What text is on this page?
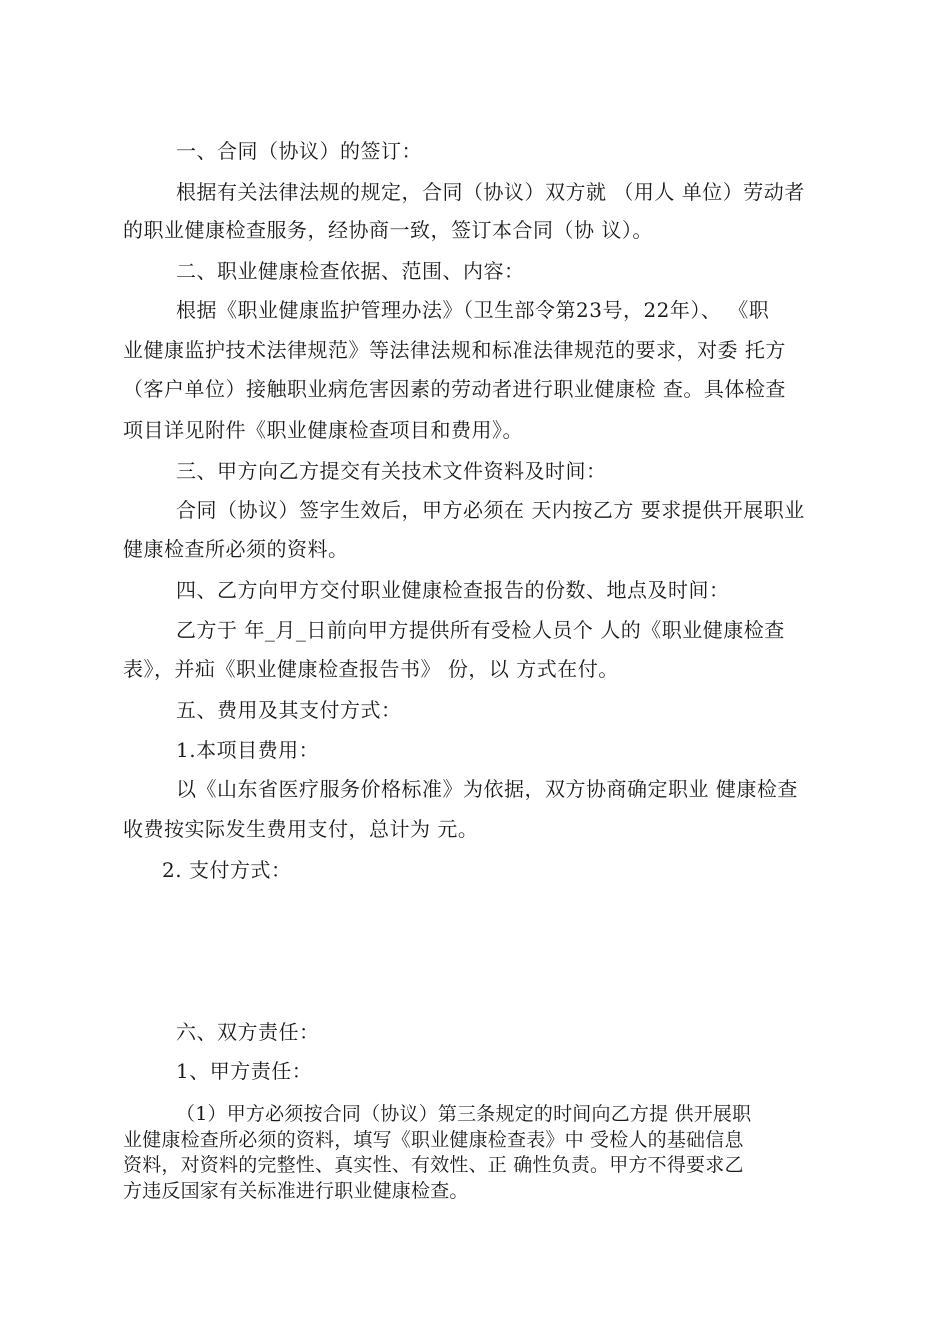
一、合同（协议）的签订：
根据有关法律法规的规定，合同（协议）双方就 （用人 单位）劳动者
的职业健康检查服务，经协商一致，签订本合同（协 议）。
二、职业健康检查依据、范围、内容：
根据《职业健康监护管理办法》（卫生部令第23号，22年）、 《职
业健康监护技术法律规范》等法律法规和标准法律规范的要求，对委 托方
（客户单位）接触职业病危害因素的劳动者进行职业健康检 查。具体检查
项目详见附件《职业健康检查项目和费用》。
三、甲方向乙方提交有关技术文件资料及时间：
合同（协议）签字生效后，甲方必须在 天内按乙方 要求提供开展职业
健康检查所必须的资料。
四、乙方向甲方交付职业健康检查报告的份数、地点及时间：
乙方于 年_月_日前向甲方提供所有受检人员个 人的《职业健康检查
表》，并疝《职业健康检查报告书》 份，以 方式在付。
五、费用及其支付方式：
1.本项目费用：
以《山东省医疗服务价格标准》为依据，双方协商确定职业 健康检查
收费按实际发生费用支付，总计为 元。
2. 支付方式：
六、双方责任：
1、甲方责任：
（1）甲方必须按合同（协议）第三条规定的时间向乙方提 供开展职
业健康检查所必须的资料，填写《职业健康检查表》中 受检人的基础信息
资料，对资料的完整性、真实性、有效性、正 确性负责。甲方不得要求乙
方违反国家有关标准进行职业健康检查。
